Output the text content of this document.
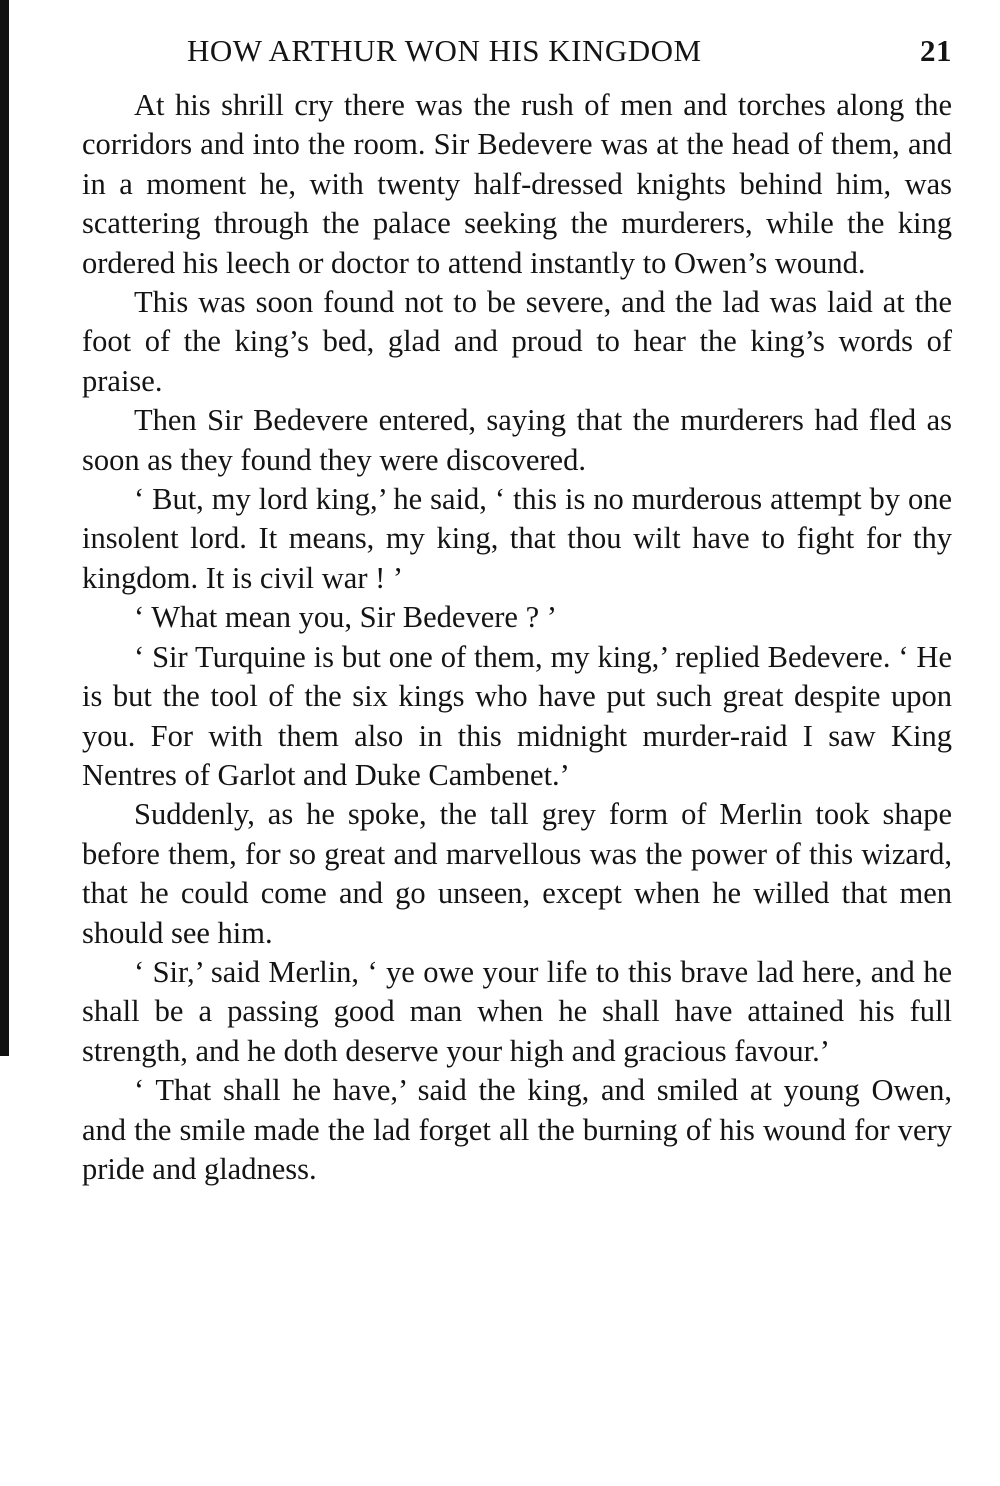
HOW ARTHUR WON HIS KINGDOM	21

At his shrill cry there was the rush of men and torches along the corridors and into the room. Sir Bedevere was at the head of them, and in a moment he, with twenty half-dressed knights behind him, was scattering through the palace seeking the murderers, while the king ordered his leech or doctor to attend instantly to Owen’s wound.

This was soon found not to be severe, and the lad was laid at the foot of the king’s bed, glad and proud to hear the king’s words of praise.

Then Sir Bedevere entered, saying that the murderers had fled as soon as they found they were discovered.

‘ But, my lord king,’ he said, ‘ this is no murderous attempt by one insolent lord. It means, my king, that thou wilt have to fight for thy kingdom. It is civil war ! ’

‘ What mean you, Sir Bedevere ? ’

‘ Sir Turquine is but one of them, my king,’ replied Bedevere. ‘ He is but the tool of the six kings who have put such great despite upon you. For with them also in this midnight murder-raid I saw King Nentres of Garlot and Duke Cambenet.’

Suddenly, as he spoke, the tall grey form of Merlin took shape before them, for so great and marvellous was the power of this wizard, that he could come and go unseen, except when he willed that men should see him.

‘ Sir,’ said Merlin, ‘ ye owe your life to this brave lad here, and he shall be a passing good man when he shall have attained his full strength, and he doth deserve your high and gracious favour.’

‘ That shall he have,’ said the king, and smiled at young Owen, and the smile made the lad forget all the burning of his wound for very pride and gladness.
